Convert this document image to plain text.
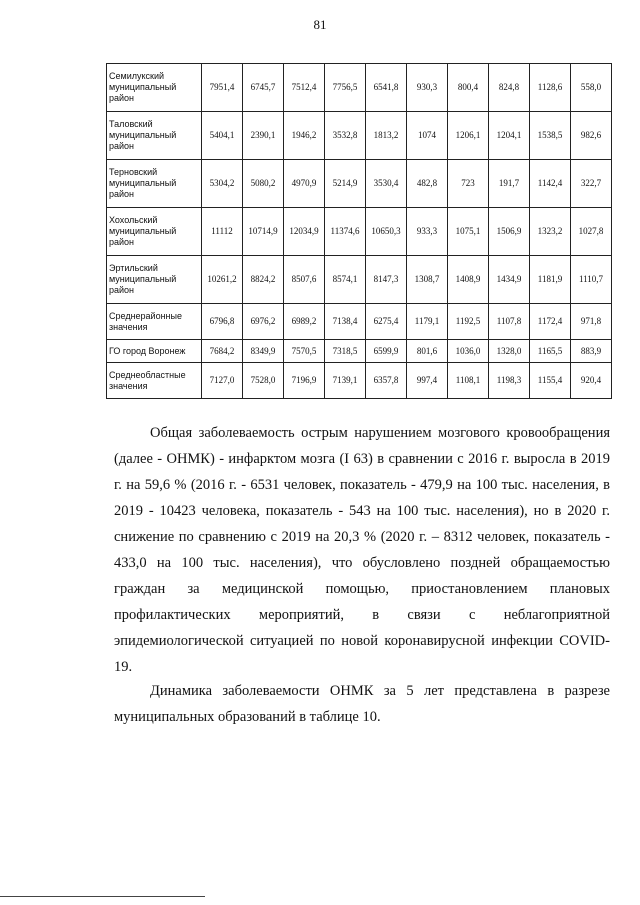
81
Семилукский муниципальный район	7951,4	6745,7	7512,4	7756,5	6541,8	930,3	800,4	824,8	1128,6	558,0
Таловский муниципальный район	5404,1	2390,1	1946,2	3532,8	1813,2	1074	1206,1	1204,1	1538,5	982,6
Терновский муниципальный район	5304,2	5080,2	4970,9	5214,9	3530,4	482,8	723	191,7	1142,4	322,7
Хохольский муниципальный район	11112	10714,9	12034,9	11374,6	10650,3	933,3	1075,1	1506,9	1323,2	1027,8
Эртильский муниципальный район	10261,2	8824,2	8507,6	8574,1	8147,3	1308,7	1408,9	1434,9	1181,9	1110,7
Среднерайонные значения	6796,8	6976,2	6989,2	7138,4	6275,4	1179,1	1192,5	1107,8	1172,4	971,8
ГО город Воронеж	7684,2	8349,9	7570,5	7318,5	6599,9	801,6	1036,0	1328,0	1165,5	883,9
Среднеобластные значения	7127,0	7528,0	7196,9	7139,1	6357,8	997,4	1108,1	1198,3	1155,4	920,4
Общая заболеваемость острым нарушением мозгового кровообращения (далее - ОНМК) - инфарктом мозга (I 63) в сравнении с 2016 г. выросла в 2019 г. на 59,6 % (2016 г. - 6531 человек, показатель - 479,9 на 100 тыс. населения, в 2019 - 10423 человека, показатель - 543 на 100 тыс. населения), но в 2020 г. снижение по сравнению с 2019 на 20,3 % (2020 г. – 8312 человек, показатель - 433,0 на 100 тыс. населения), что обусловлено поздней обращаемостью граждан за медицинской помощью, приостановлением плановых профилактических мероприятий, в связи с неблагоприятной эпидемиологической ситуацией по новой коронавирусной инфекции COVID-19.
Динамика заболеваемости ОНМК за 5 лет представлена в разрезе муниципальных образований в таблице 10.
